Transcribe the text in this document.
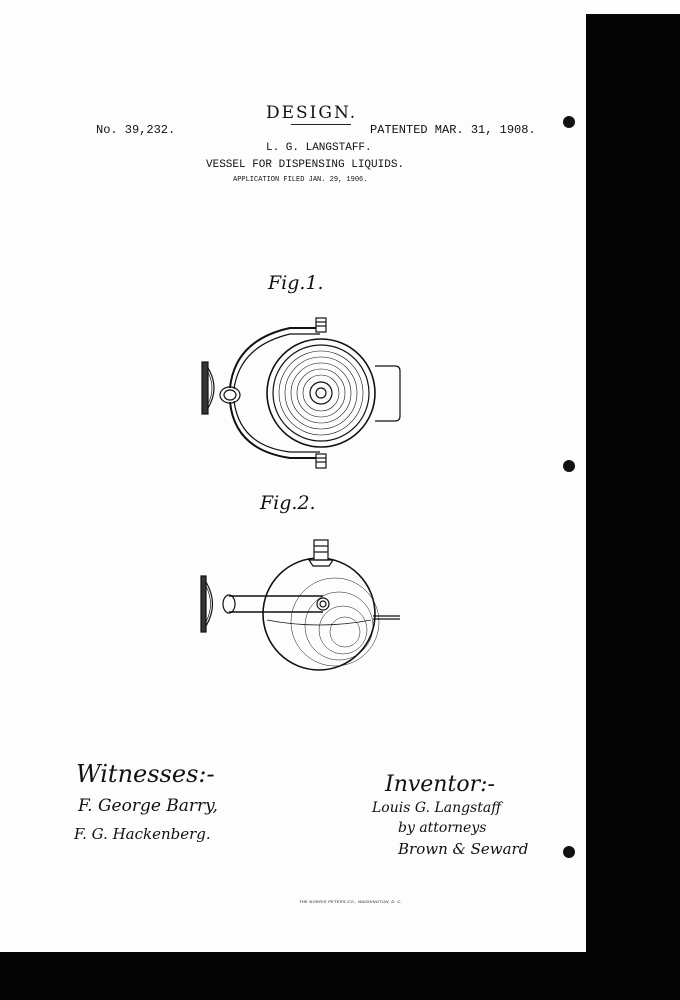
DESIGN.
No. 39,232.	PATENTED MAR. 31, 1908.
L. G. LANGSTAFF.
VESSEL FOR DISPENSING LIQUIDS.
APPLICATION FILED JAN. 29, 1906.
Fig.1.
Fig.2.
Witnesses:-
F. George Barry,
F. G. Hackenberg.
Inventor:-
Louis G. Langstaff
by attorneys
Brown & Seward
THE NORRIS PETERS CO., WASHINGTON, D. C.
